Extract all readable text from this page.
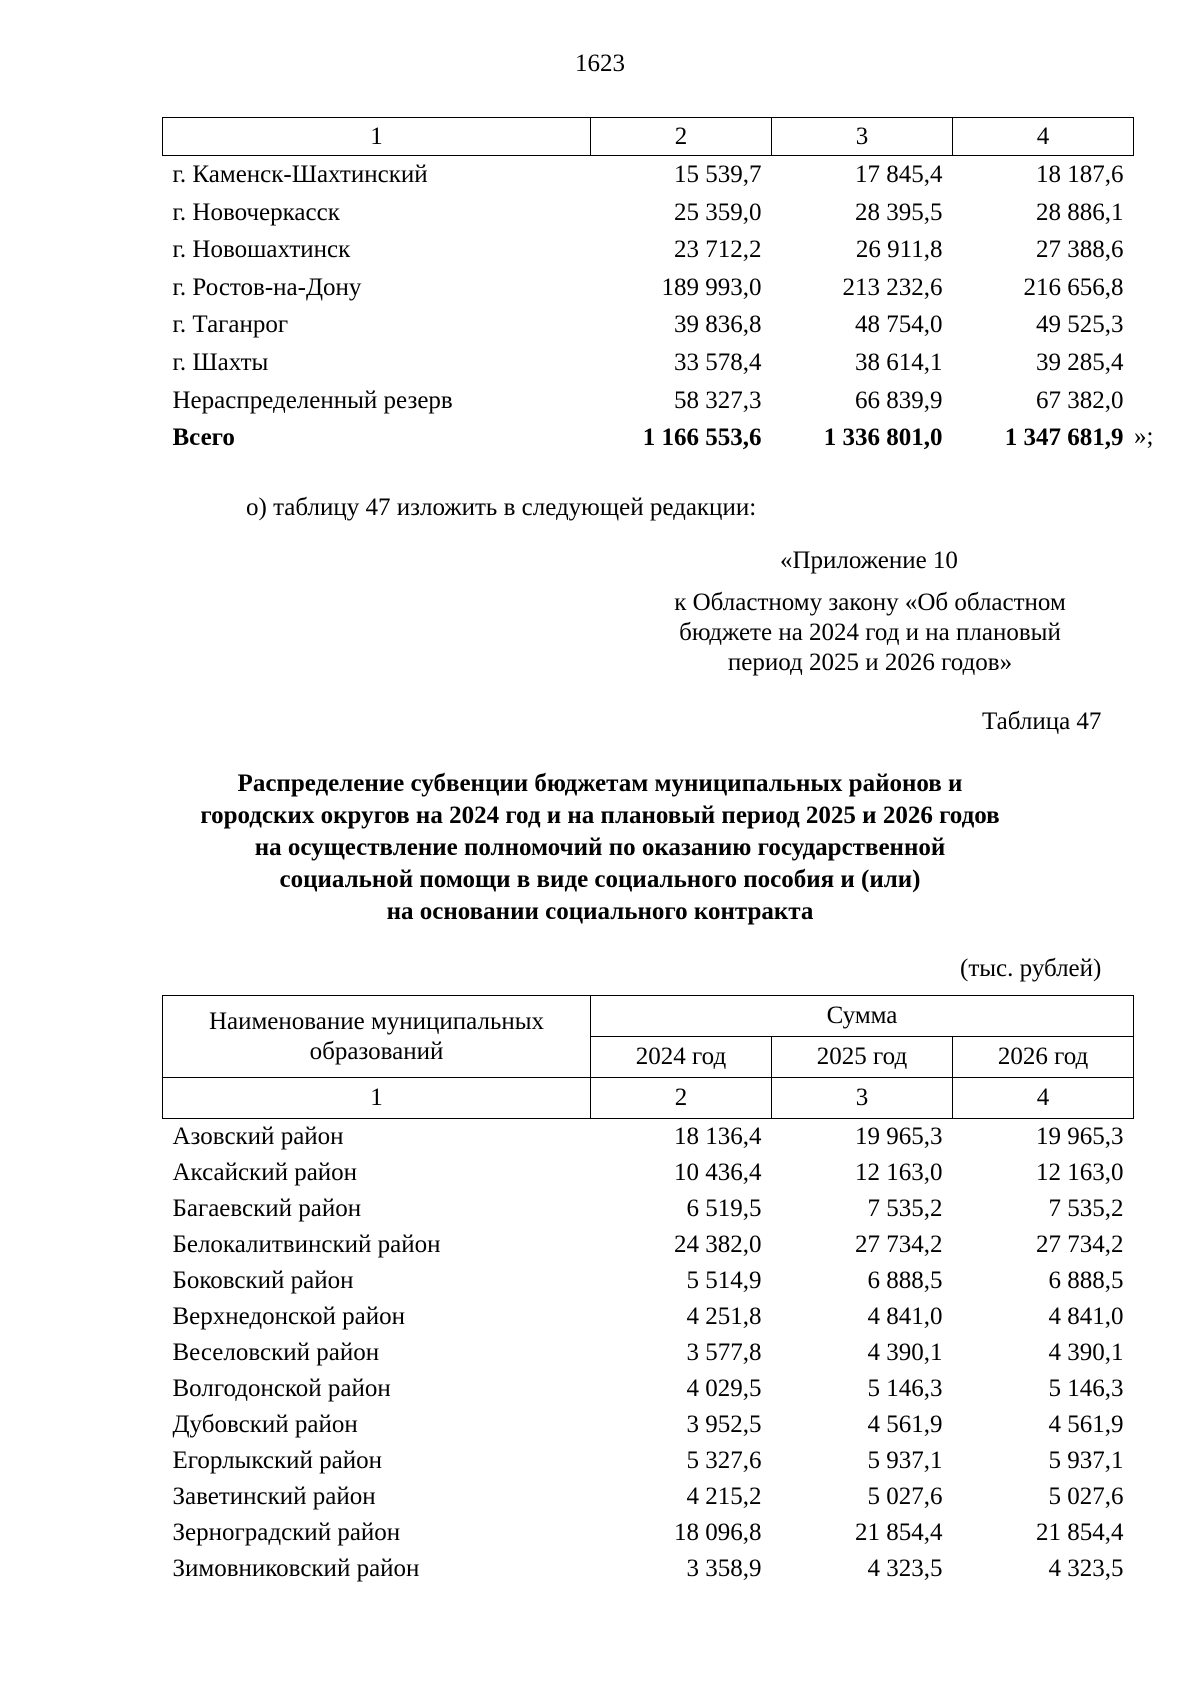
1623
1	2	3	4
г. Каменск-Шахтинский	15 539,7	17 845,4	18 187,6
г. Новочеркасск	25 359,0	28 395,5	28 886,1
г. Новошахтинск	23 712,2	26 911,8	27 388,6
г. Ростов-на-Дону	189 993,0	213 232,6	216 656,8
г. Таганрог	39 836,8	48 754,0	49 525,3
г. Шахты	33 578,4	38 614,1	39 285,4
Нераспределенный резерв	58 327,3	66 839,9	67 382,0
Всего	1 166 553,6	1 336 801,0	1 347 681,9 »;
о) таблицу 47 изложить в следующей редакции:
«Приложение 10
к Областному закону «Об областном
бюджете на 2024 год и на плановый
период 2025 и 2026 годов»
Таблица 47
Распределение субвенции бюджетам муниципальных районов и
городских округов на 2024 год и на плановый период 2025 и 2026 годов
на осуществление полномочий по оказанию государственной
социальной помощи в виде социального пособия и (или)
на основании социального контракта
(тыс. рублей)
Наименование муниципальных образований	Сумма		
	2024 год	2025 год	2026 год
1	2	3	4
Азовский район	18 136,4	19 965,3	19 965,3
Аксайский район	10 436,4	12 163,0	12 163,0
Багаевский район	6 519,5	7 535,2	7 535,2
Белокалитвинский район	24 382,0	27 734,2	27 734,2
Боковский район	5 514,9	6 888,5	6 888,5
Верхнедонской район	4 251,8	4 841,0	4 841,0
Веселовский район	3 577,8	4 390,1	4 390,1
Волгодонской район	4 029,5	5 146,3	5 146,3
Дубовский район	3 952,5	4 561,9	4 561,9
Егорлыкский район	5 327,6	5 937,1	5 937,1
Заветинский район	4 215,2	5 027,6	5 027,6
Зерноградский район	18 096,8	21 854,4	21 854,4
Зимовниковский район	3 358,9	4 323,5	4 323,5
